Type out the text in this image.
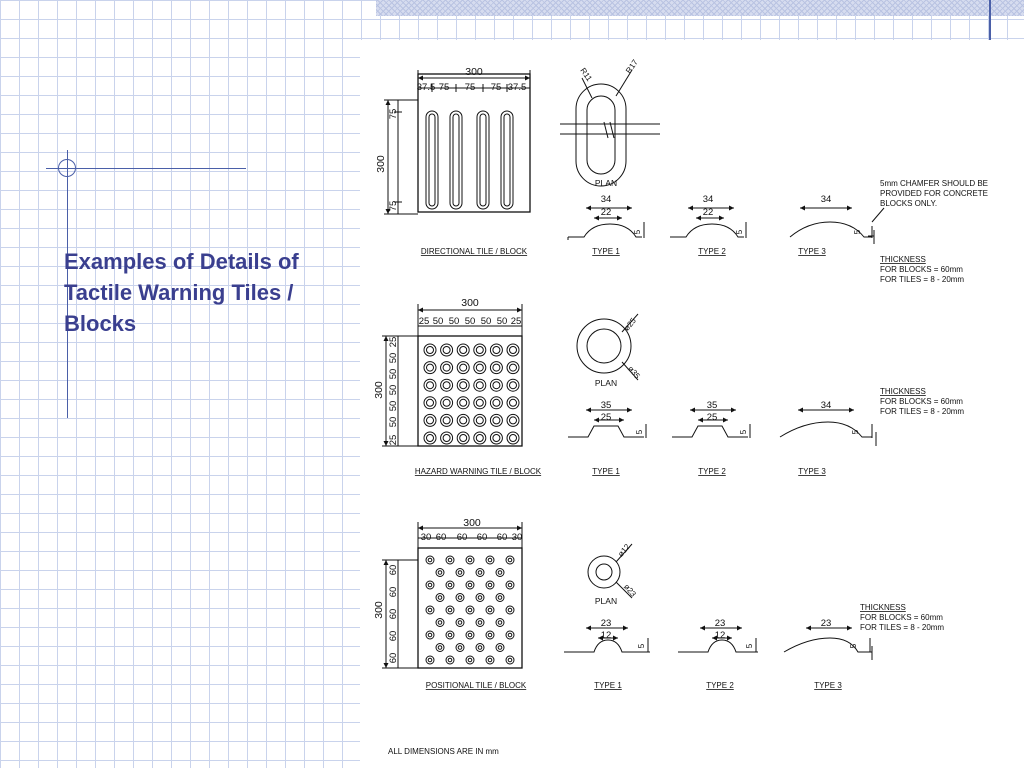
Examples of Details of Tactile Warning Tiles / Blocks
300
37.5 75 75 75 37.5
300
75
75
R11	R17
PLAN
34
22
5
34
22
5
34
5
5mm CHAMFER SHOULD BE
PROVIDED FOR CONCRETE
BLOCKS ONLY.
THICKNESS
FOR BLOCKS = 60mm
FOR TILES = 8 - 20mm
DIRECTIONAL TILE / BLOCK	TYPE 1	TYPE 2	TYPE 3
300
25 50 50 50 50 50 25
300
25
50
50
50
50
50
25
ø25
ø35
PLAN
35
25
5
35
25
5
34
5
THICKNESS
FOR BLOCKS = 60mm
FOR TILES = 8 - 20mm
HAZARD WARNING TILE / BLOCK	TYPE 1	TYPE 2	TYPE 3
300
30 60 60 60 60 30
300
60
60
60
60
60
ø12
ø23
PLAN
23
12
5
23
12
5
23
5
THICKNESS
FOR BLOCKS = 60mm
FOR TILES = 8 - 20mm
POSITIONAL TILE / BLOCK	TYPE 1	TYPE 2	TYPE 3
ALL DIMENSIONS ARE IN mm
